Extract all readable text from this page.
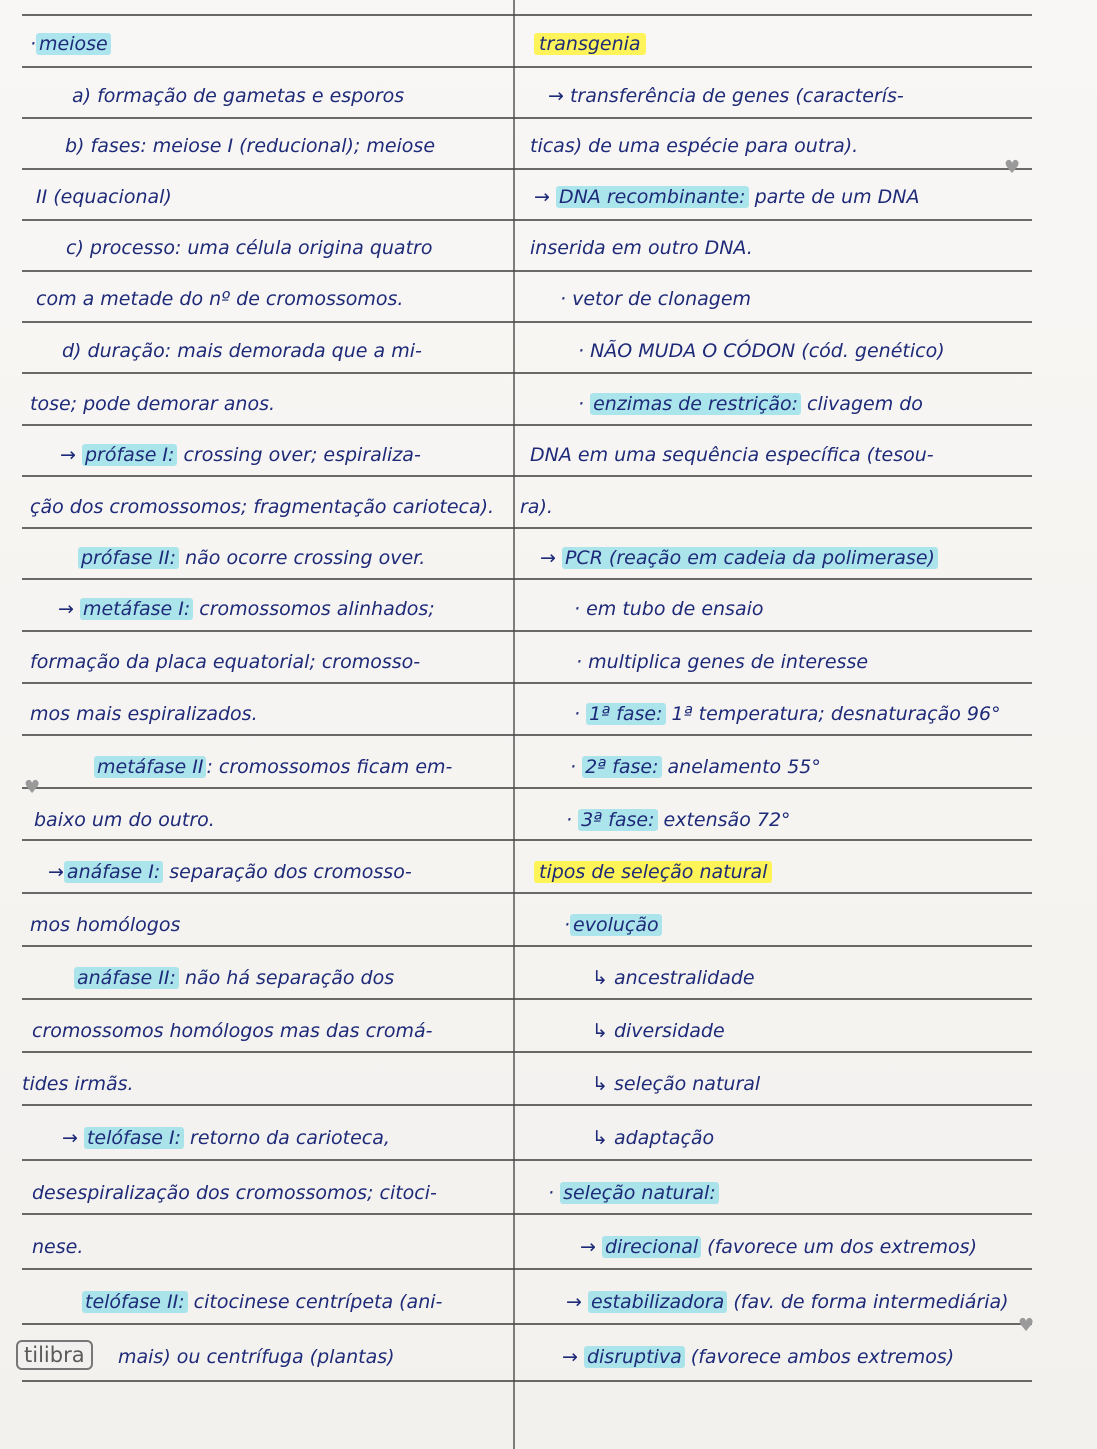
♥
♥
♥
· meiose
a) formação de gametas e esporos
b) fases: meiose I (reducional); meiose
II (equacional)
c) processo: uma célula origina quatro
com a metade do nº de cromossomos.
d) duração: mais demorada que a mi-
tose; pode demorar anos.
→ prófase I: crossing over; espiraliza-
ção dos cromossomos; fragmentação carioteca).
prófase II: não ocorre crossing over.
→ metáfase I: cromossomos alinhados;
formação da placa equatorial; cromosso-
mos mais espiralizados.
metáfase II : cromossomos ficam em-
baixo um do outro.
→ anáfase I: separação dos cromosso-
mos homólogos
anáfase II: não há separação dos
cromossomos homólogos mas das cromá-
tides irmãs.
→ telófase I: retorno da carioteca,
desespiralização dos cromossomos; citoci-
nese.
telófase II: citocinese centrípeta (ani-
mais) ou centrífuga (plantas)
transgenia
→ transferência de genes (caracterís-
ticas) de uma espécie para outra).
→ DNA recombinante: parte de um DNA
inserida em outro DNA.
· vetor de clonagem
· NÃO MUDA O CÓDON (cód. genético)
· enzimas de restrição: clivagem do
DNA em uma sequência específica (tesou-
ra).
→ PCR (reação em cadeia da polimerase)
· em tubo de ensaio
· multiplica genes de interesse
· 1ª fase: 1ª temperatura; desnaturação 96°
· 2ª fase: anelamento 55°
· 3ª fase: extensão 72°
tipos de seleção natural
· evolução
↳ ancestralidade
↳ diversidade
↳ seleção natural
↳ adaptação
· seleção natural:
→ direcional (favorece um dos extremos)
→ estabilizadora (fav. de forma intermediária)
→ disruptiva (favorece ambos extremos)
tilibra
